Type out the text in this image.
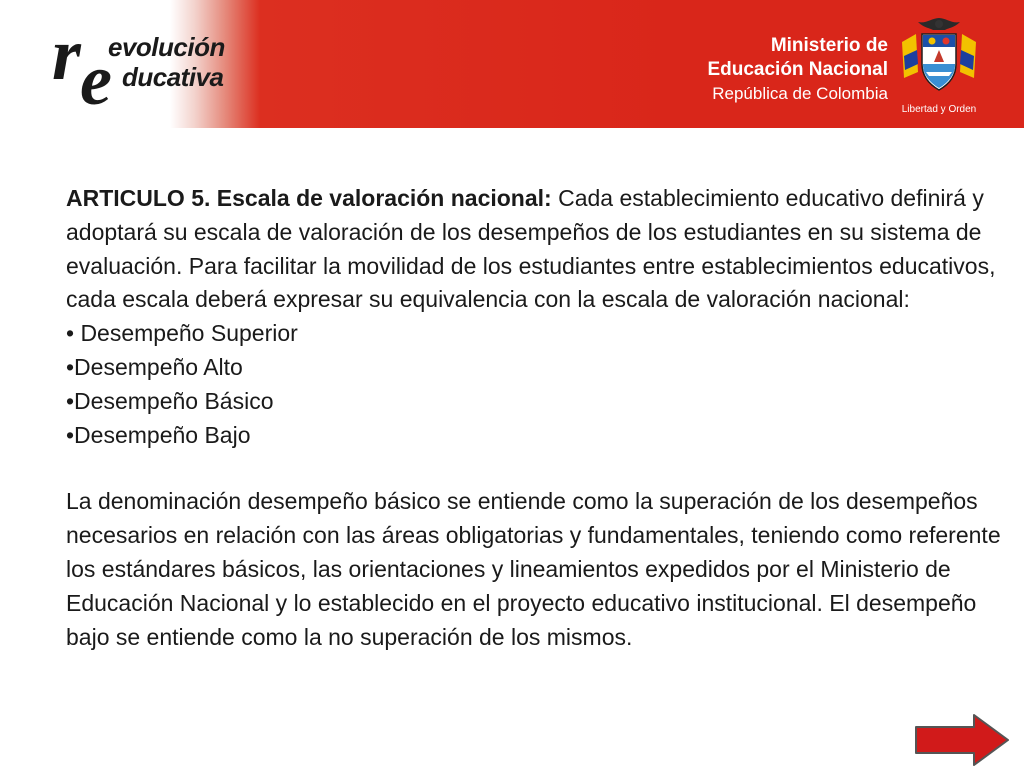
r e
evolución
ducativa
Ministerio de
Educación Nacional
República de Colombia
Libertad y Orden

ARTICULO 5. Escala de valoración nacional: Cada establecimiento educativo definirá y adoptará su escala de valoración de los desempeños de los estudiantes en su sistema de evaluación. Para facilitar la movilidad de los estudiantes entre establecimientos educativos, cada escala deberá expresar su equivalencia con la escala de valoración nacional:

• Desempeño Superior

•Desempeño Alto

•Desempeño Básico

•Desempeño Bajo

La denominación desempeño básico se entiende como la superación de los desempeños necesarios en relación con las áreas obligatorias y fundamentales, teniendo como referente los estándares básicos, las orientaciones y lineamientos expedidos por el Ministerio de Educación Nacional y lo establecido en el proyecto educativo institucional. El desempeño bajo se entiende como la no superación de los mismos.
